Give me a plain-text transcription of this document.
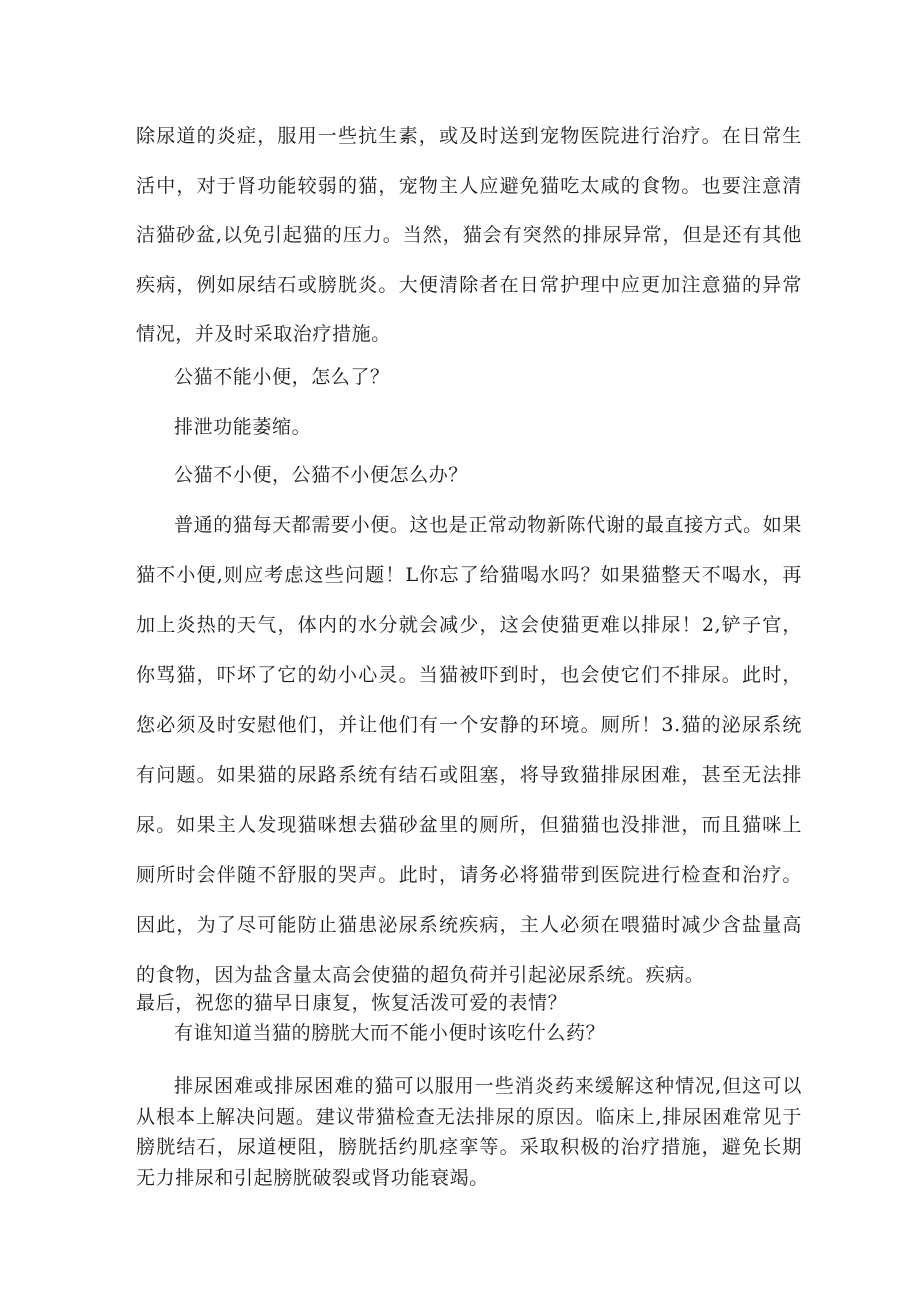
除尿道的炎症，服用一些抗生素，或及时送到宠物医院进行治疗。在日常生活中，对于肾功能较弱的猫，宠物主人应避免猫吃太咸的食物。也要注意清洁猫砂盆,以免引起猫的压力。当然，猫会有突然的排尿异常，但是还有其他疾病，例如尿结石或膀胱炎。大便清除者在日常护理中应更加注意猫的异常情况，并及时采取治疗措施。

公猫不能小便，怎么了？

排泄功能萎缩。

公猫不小便，公猫不小便怎么办？

普通的猫每天都需要小便。这也是正常动物新陈代谢的最直接方式。如果猫不小便,则应考虑这些问题！L你忘了给猫喝水吗？如果猫整天不喝水，再加上炎热的天气，体内的水分就会减少，这会使猫更难以排尿！2,铲子官，你骂猫，吓坏了它的幼小心灵。当猫被吓到时，也会使它们不排尿。此时，您必须及时安慰他们，并让他们有一个安静的环境。厕所！3.猫的泌尿系统有问题。如果猫的尿路系统有结石或阻塞，将导致猫排尿困难，甚至无法排尿。如果主人发现猫咪想去猫砂盆里的厕所，但猫猫也没排泄，而且猫咪上厕所时会伴随不舒服的哭声。此时，请务必将猫带到医院进行检查和治疗。因此，为了尽可能防止猫患泌尿系统疾病，主人必须在喂猫时减少含盐量高的食物，因为盐含量太高会使猫的超负荷并引起泌尿系统。疾病。

最后，祝您的猫早日康复，恢复活泼可爱的表情？

有谁知道当猫的膀胱大而不能小便时该吃什么药？

排尿困难或排尿困难的猫可以服用一些消炎药来缓解这种情况,但这可以从根本上解决问题。建议带猫检查无法排尿的原因。临床上,排尿困难常见于膀胱结石，尿道梗阻，膀胱括约肌痉挛等。采取积极的治疗措施，避免长期无力排尿和引起膀胱破裂或肾功能衰竭。
